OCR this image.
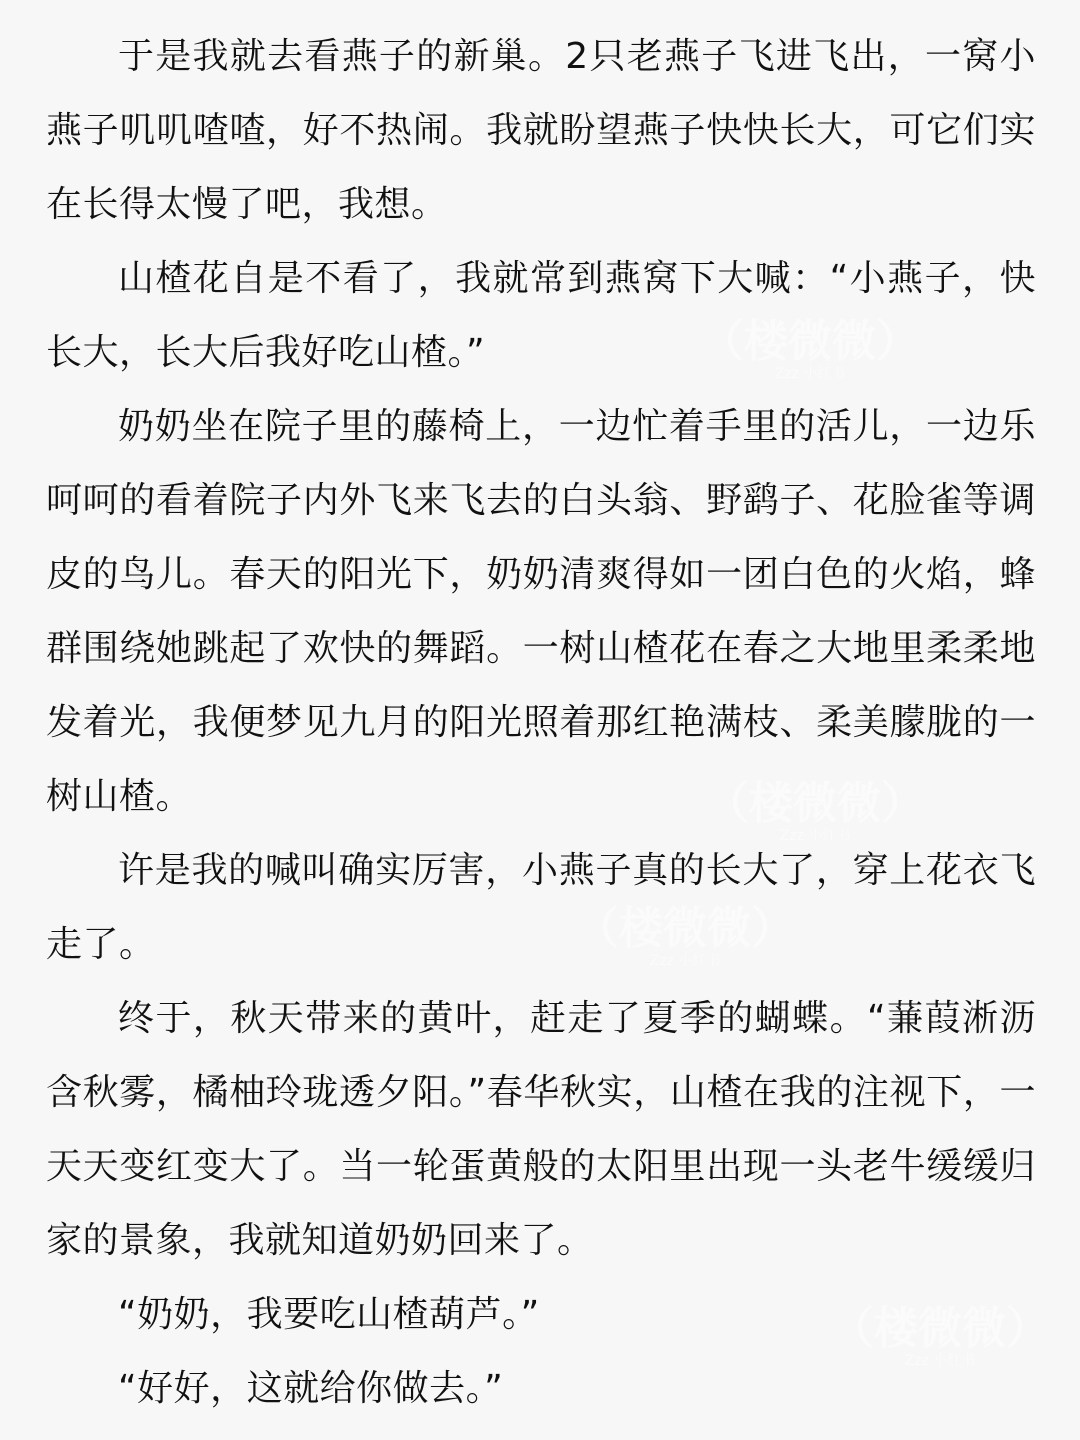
于是我就去看燕子的新巢。2只老燕子飞进飞出，一窝小燕子叽叽喳喳，好不热闹。我就盼望燕子快快长大，可它们实在长得太慢了吧，我想。

山楂花自是不看了，我就常到燕窝下大喊：“小燕子，快长大，长大后我好吃山楂。”

奶奶坐在院子里的藤椅上，一边忙着手里的活儿，一边乐呵呵的看着院子内外飞来飞去的白头翁、野鹞子、花脸雀等调皮的鸟儿。春天的阳光下，奶奶清爽得如一团白色的火焰，蜂群围绕她跳起了欢快的舞蹈。一树山楂花在春之大地里柔柔地发着光，我便梦见九月的阳光照着那红艳满枝、柔美朦胧的一树山楂。

许是我的喊叫确实厉害，小燕子真的长大了，穿上花衣飞走了。

终于，秋天带来的黄叶，赶走了夏季的蝴蝶。“蒹葭淅沥含秋雾，橘柚玲珑透夕阳。”春华秋实，山楂在我的注视下，一天天变红变大了。当一轮蛋黄般的太阳里出现一头老牛缓缓归家的景象，我就知道奶奶回来了。

“奶奶，我要吃山楂葫芦。”

“好好，这就给你做去。”

（楼微微）
Zzz 小红书
（楼微微）
Zzz 小红书
（楼微微）
Zzz 小红书
（楼微微）
Zzz 小红书
